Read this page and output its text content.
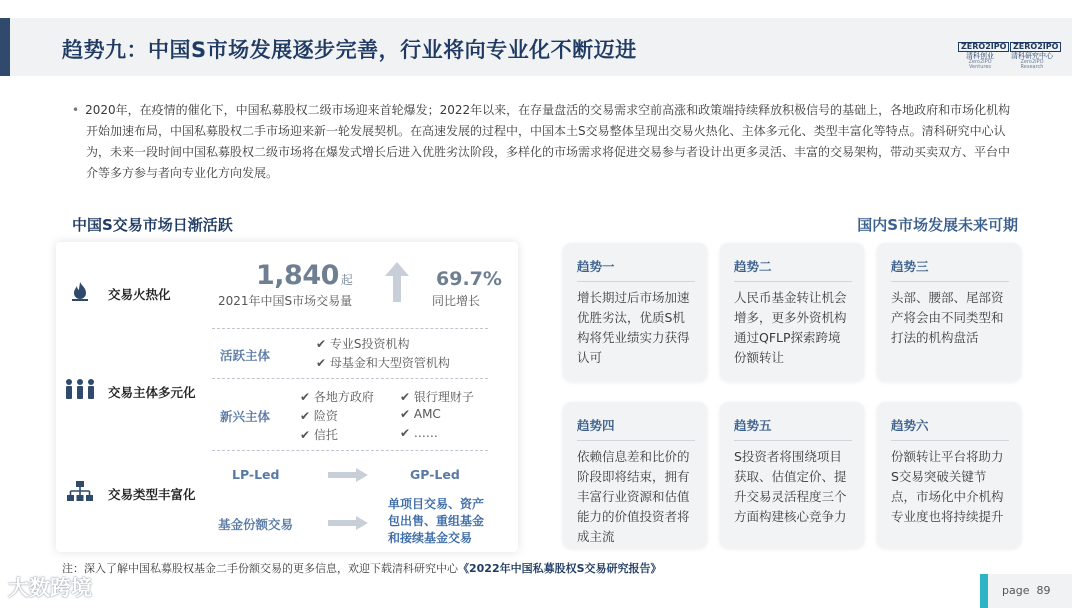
趋势九：中国S市场发展逐步完善，行业将向专业化不断迈进	ZERO2IPO
清科创业
Zero2IPO Ventures
ZERO2IPO
清科研究中心
Zero2IPO Research
• 2020年，在疫情的催化下，中国私募股权二级市场迎来首轮爆发；2022年以来，在存量盘活的交易需求空前高涨和政策端持续释放积极信号的基础上，各地政府和市场化机构开始加速布局，中国私募股权二手市场迎来新一轮发展契机。在高速发展的过程中，中国本土S交易整体呈现出交易火热化、主体多元化、类型丰富化等特点。清科研究中心认为，未来一段时间中国私募股权二级市场将在爆发式增长后进入优胜劣汰阶段，多样化的市场需求将促进交易参与者设计出更多灵活、丰富的交易架构，带动买卖双方、平台中介等多方参与者向专业化方向发展。
中国S交易市场日渐活跃	国内S市场发展未来可期
交易火热化
交易主体多元化
交易类型丰富化
1,840 起
2021年中国S市场交易量
69.7%
同比增长
活跃主体
✔ 专业S投资机构
✔ 母基金和大型资管机构
新兴主体
✔ 各地方政府
✔ 险资
✔ 信托
✔ 银行理财子
✔ AMC
✔ ……
LP-Led	GP-Led
基金份额交易
单项目交易、资产
包出售、重组基金
和接续基金交易
趋势一
增长期过后市场加速优胜劣汰，优质S机构将凭业绩实力获得认可
趋势二
人民币基金转让机会增多，更多外资机构通过QFLP探索跨境份额转让
趋势三
头部、腰部、尾部资产将会由不同类型和打法的机构盘活
趋势四
依赖信息差和比价的阶段即将结束，拥有丰富行业资源和估值能力的价值投资者将成主流
趋势五
S投资者将围绕项目获取、估值定价、提升交易灵活程度三个方面构建核心竞争力
趋势六
份额转让平台将助力S交易突破关键节点，市场化中介机构专业度也将持续提升
注：深入了解中国私募股权基金二手份额交易的更多信息，欢迎下载清科研究中心《2022年中国私募股权S交易研究报告》
大数跨境	page 89
